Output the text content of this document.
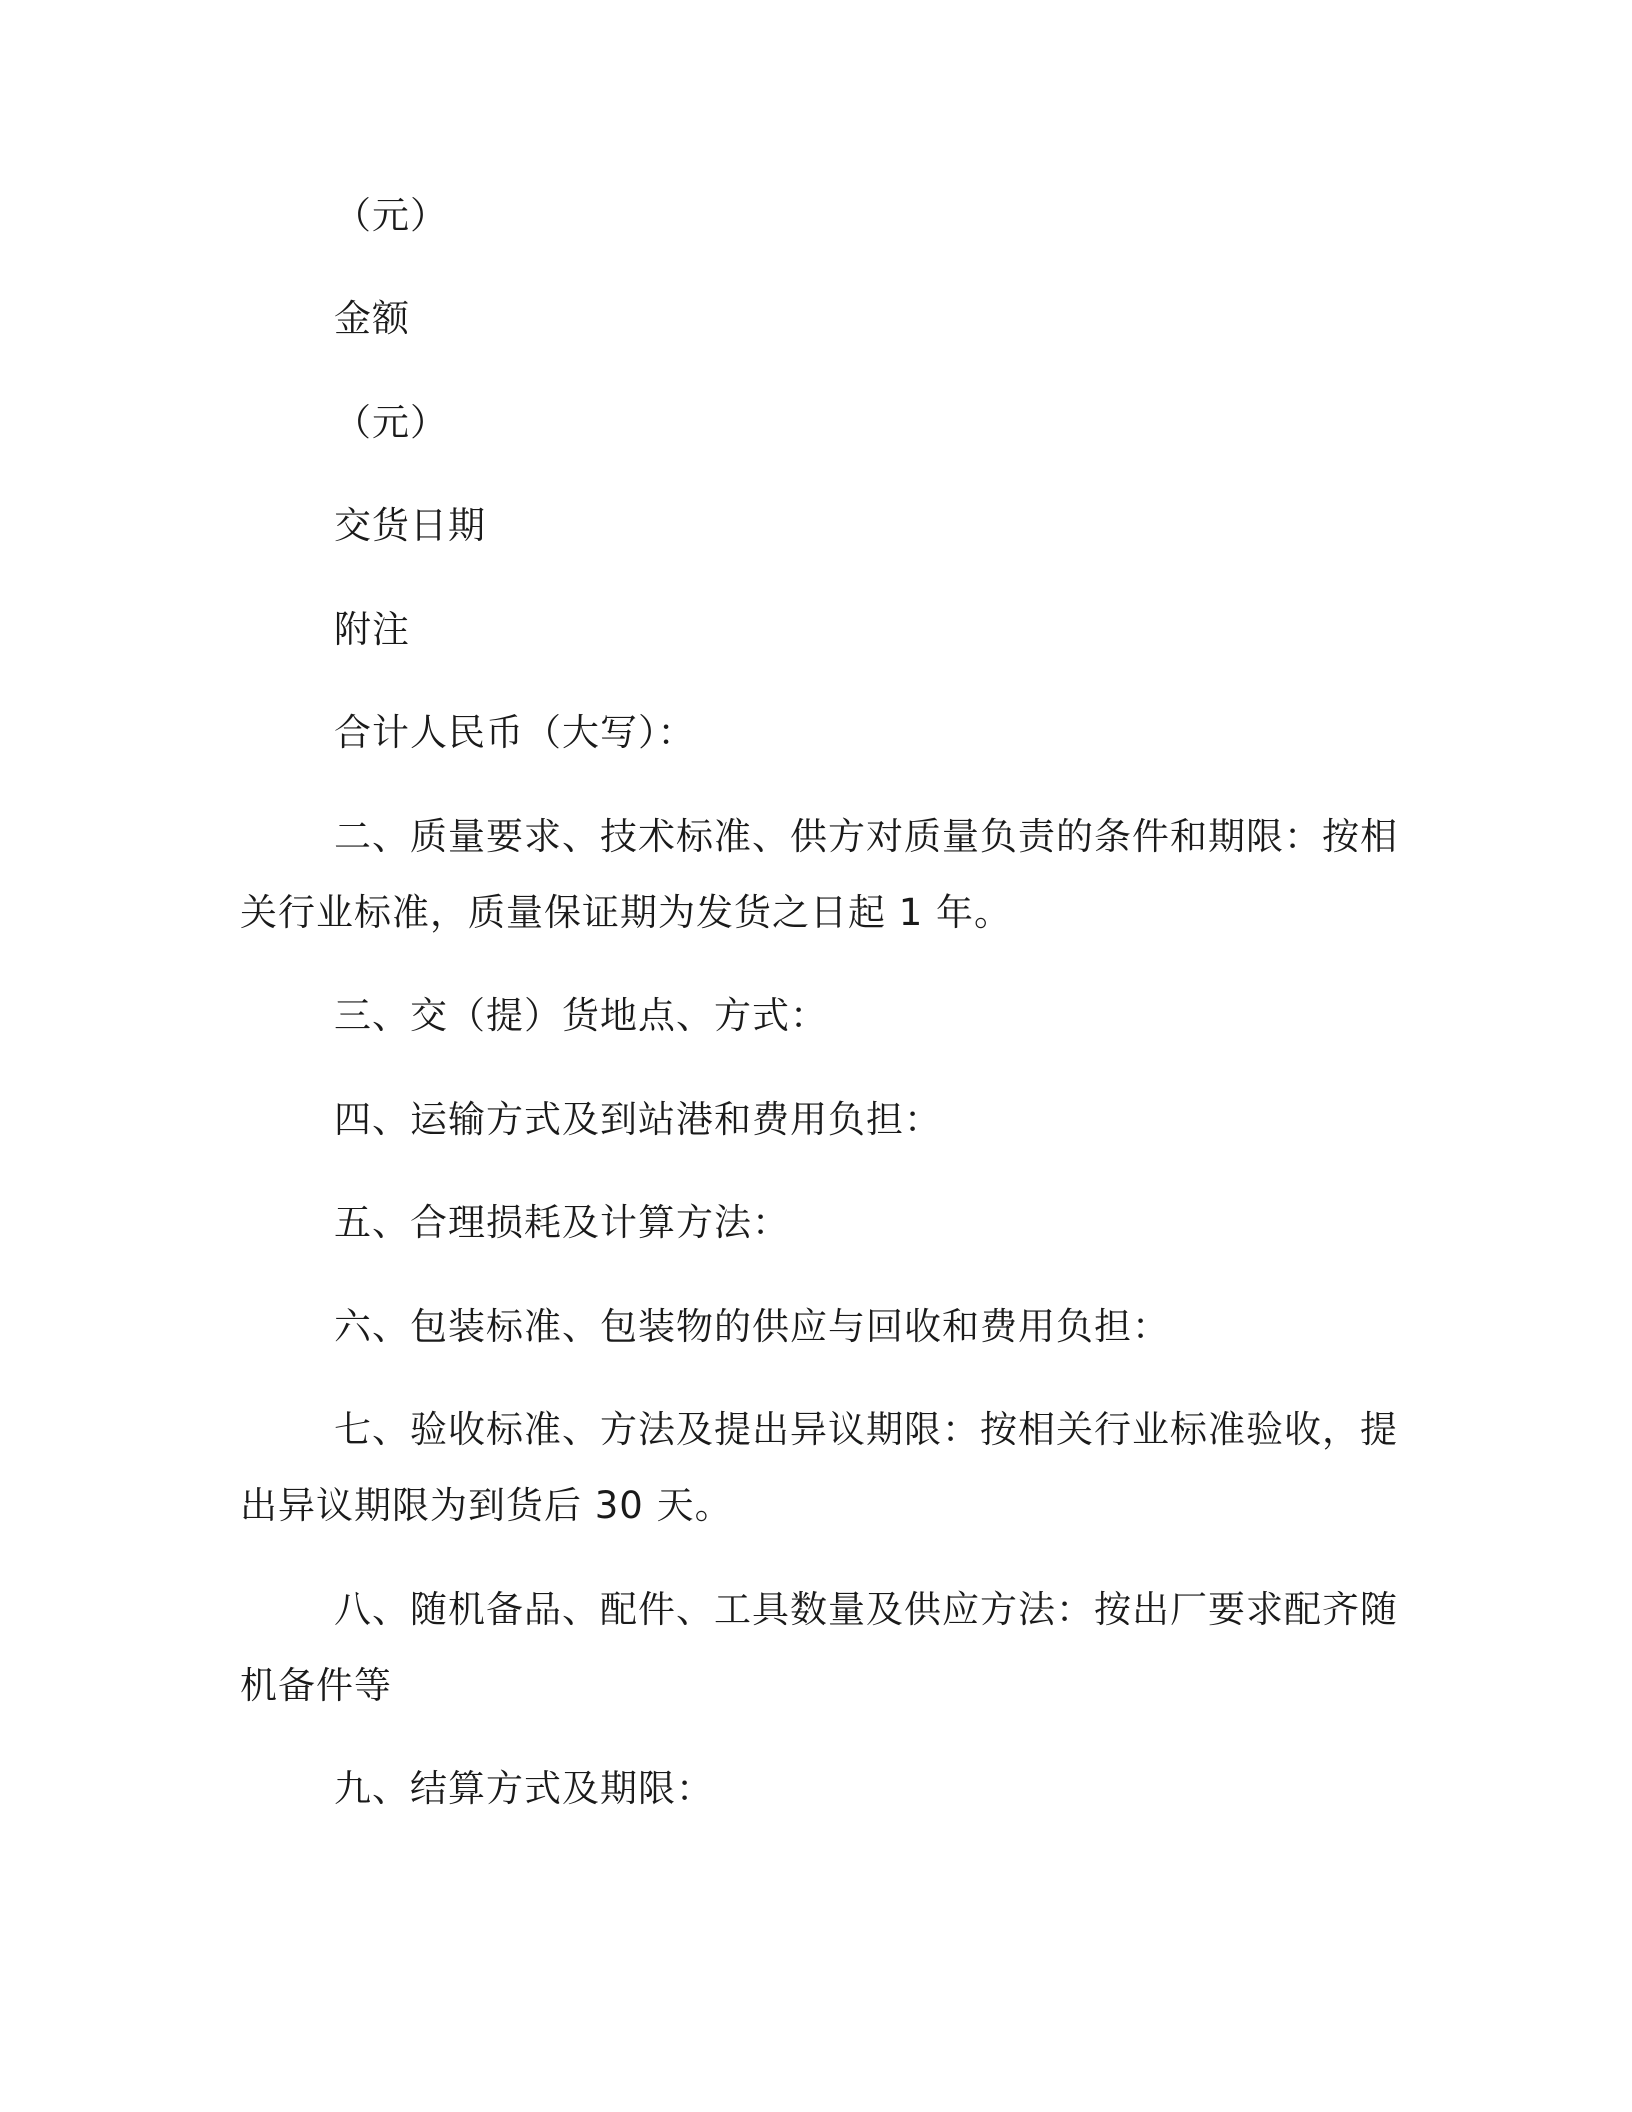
（元）
金额
（元）
交货日期
附注
合计人民币（大写）：
二、质量要求、技术标准、供方对质量负责的条件和期限：按相
关行业标准，质量保证期为发货之日起 1 年。
三、交（提）货地点、方式：
四、运输方式及到站港和费用负担：
五、合理损耗及计算方法：
六、包装标准、包装物的供应与回收和费用负担：
七、验收标准、方法及提出异议期限：按相关行业标准验收，提
出异议期限为到货后 30 天。
八、随机备品、配件、工具数量及供应方法：按出厂要求配齐随
机备件等
九、结算方式及期限：
